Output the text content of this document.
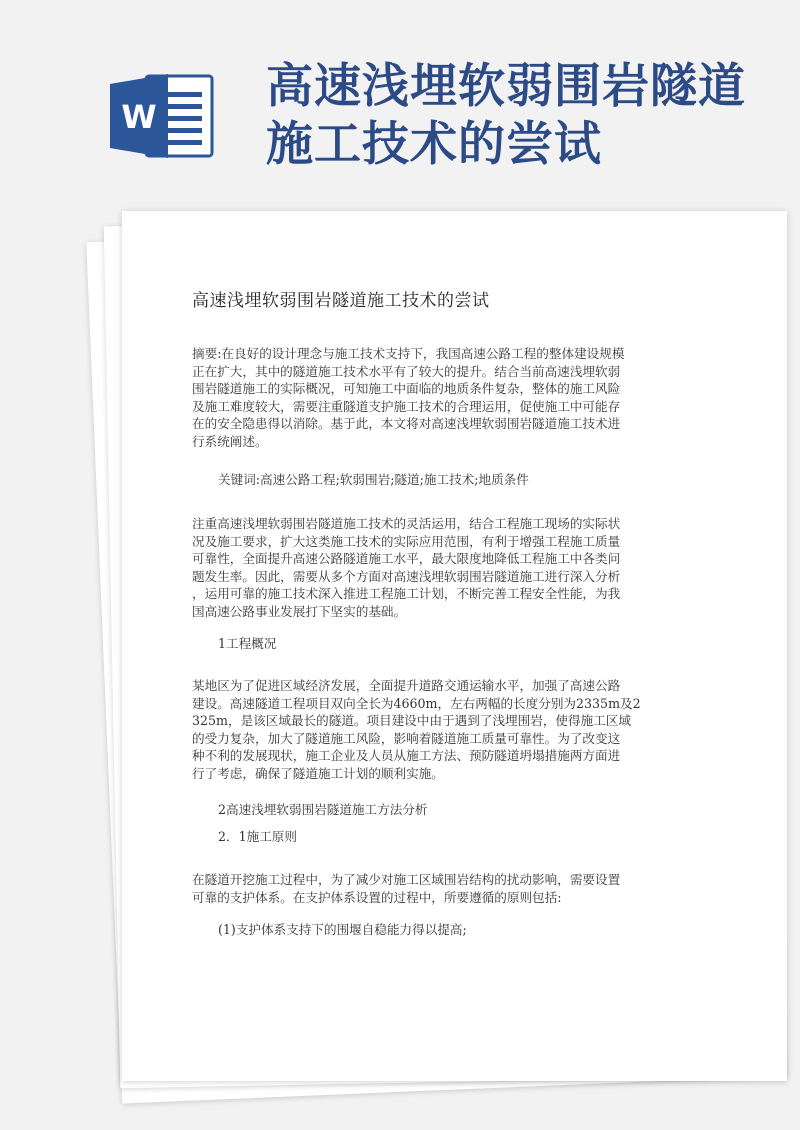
W
高速浅埋软弱围岩隧道
施工技术的尝试
高速浅埋软弱围岩隧道施工技术的尝试
摘要:在良好的设计理念与施工技术支持下，我国高速公路工程的整体建设规模
正在扩大，其中的隧道施工技术水平有了较大的提升。结合当前高速浅埋软弱
围岩隧道施工的实际概况，可知施工中面临的地质条件复杂，整体的施工风险
及施工难度较大，需要注重隧道支护施工技术的合理运用，促使施工中可能存
在的安全隐患得以消除。基于此，本文将对高速浅埋软弱围岩隧道施工技术进
行系统阐述。
关键词:高速公路工程;软弱围岩;隧道;施工技术;地质条件
注重高速浅埋软弱围岩隧道施工技术的灵活运用，结合工程施工现场的实际状
况及施工要求，扩大这类施工技术的实际应用范围，有利于增强工程施工质量
可靠性，全面提升高速公路隧道施工水平，最大限度地降低工程施工中各类问
题发生率。因此，需要从多个方面对高速浅埋软弱围岩隧道施工进行深入分析
，运用可靠的施工技术深入推进工程施工计划，不断完善工程安全性能，为我
国高速公路事业发展打下坚实的基础。
1工程概况
某地区为了促进区域经济发展，全面提升道路交通运输水平，加强了高速公路
建设。高速隧道工程项目双向全长为4660m，左右两幅的长度分别为2335m及2
325m，是该区域最长的隧道。项目建设中由于遇到了浅埋围岩，使得施工区域
的受力复杂，加大了隧道施工风险，影响着隧道施工质量可靠性。为了改变这
种不利的发展现状，施工企业及人员从施工方法、预防隧道坍塌措施两方面进
行了考虑，确保了隧道施工计划的顺利实施。
2高速浅埋软弱围岩隧道施工方法分析
2．1施工原则
在隧道开挖施工过程中，为了减少对施工区域围岩结构的扰动影响，需要设置
可靠的支护体系。在支护体系设置的过程中，所要遵循的原则包括:
(1)支护体系支持下的围堰自稳能力得以提高;
